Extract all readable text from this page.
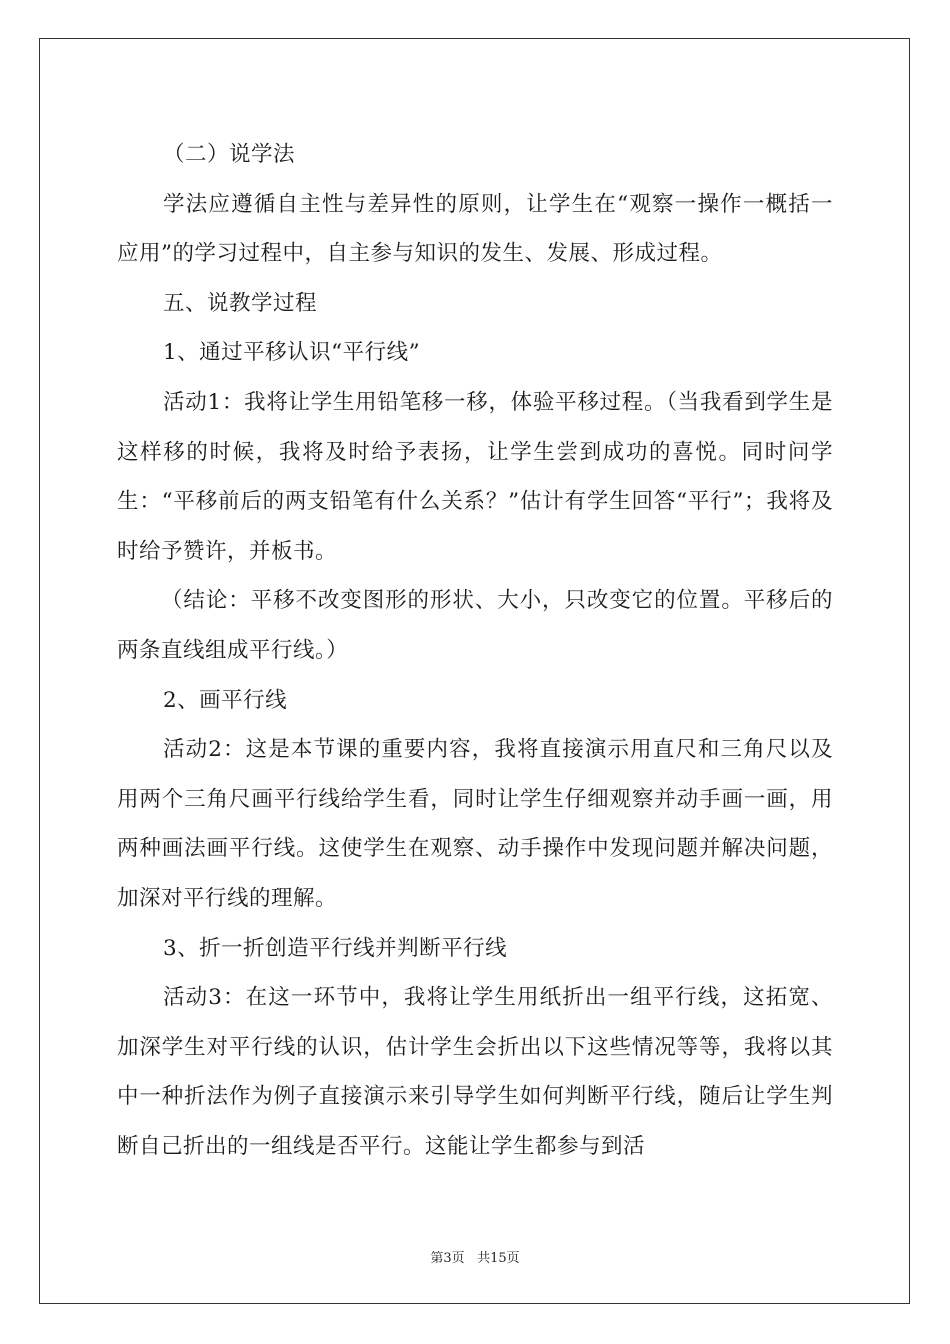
（二）说学法

学法应遵循自主性与差异性的原则，让学生在“观察一操作一概括一应用”的学习过程中，自主参与知识的发生、发展、形成过程。

五、说教学过程

1、通过平移认识“平行线”

活动1：我将让学生用铅笔移一移，体验平移过程。（当我看到学生是这样移的时候，我将及时给予表扬，让学生尝到成功的喜悦。同时问学生：“平移前后的两支铅笔有什么关系？”估计有学生回答“平行”；我将及时给予赞许，并板书。

（结论：平移不改变图形的形状、大小，只改变它的位置。平移后的两条直线组成平行线。）

2、画平行线

活动2：这是本节课的重要内容，我将直接演示用直尺和三角尺以及用两个三角尺画平行线给学生看，同时让学生仔细观察并动手画一画，用两种画法画平行线。这使学生在观察、动手操作中发现问题并解决问题，加深对平行线的理解。

3、折一折创造平行线并判断平行线

活动3：在这一环节中，我将让学生用纸折出一组平行线，这拓宽、加深学生对平行线的认识，估计学生会折出以下这些情况等等，我将以其中一种折法作为例子直接演示来引导学生如何判断平行线，随后让学生判断自己折出的一组线是否平行。这能让学生都参与到活

第3页 共15页
